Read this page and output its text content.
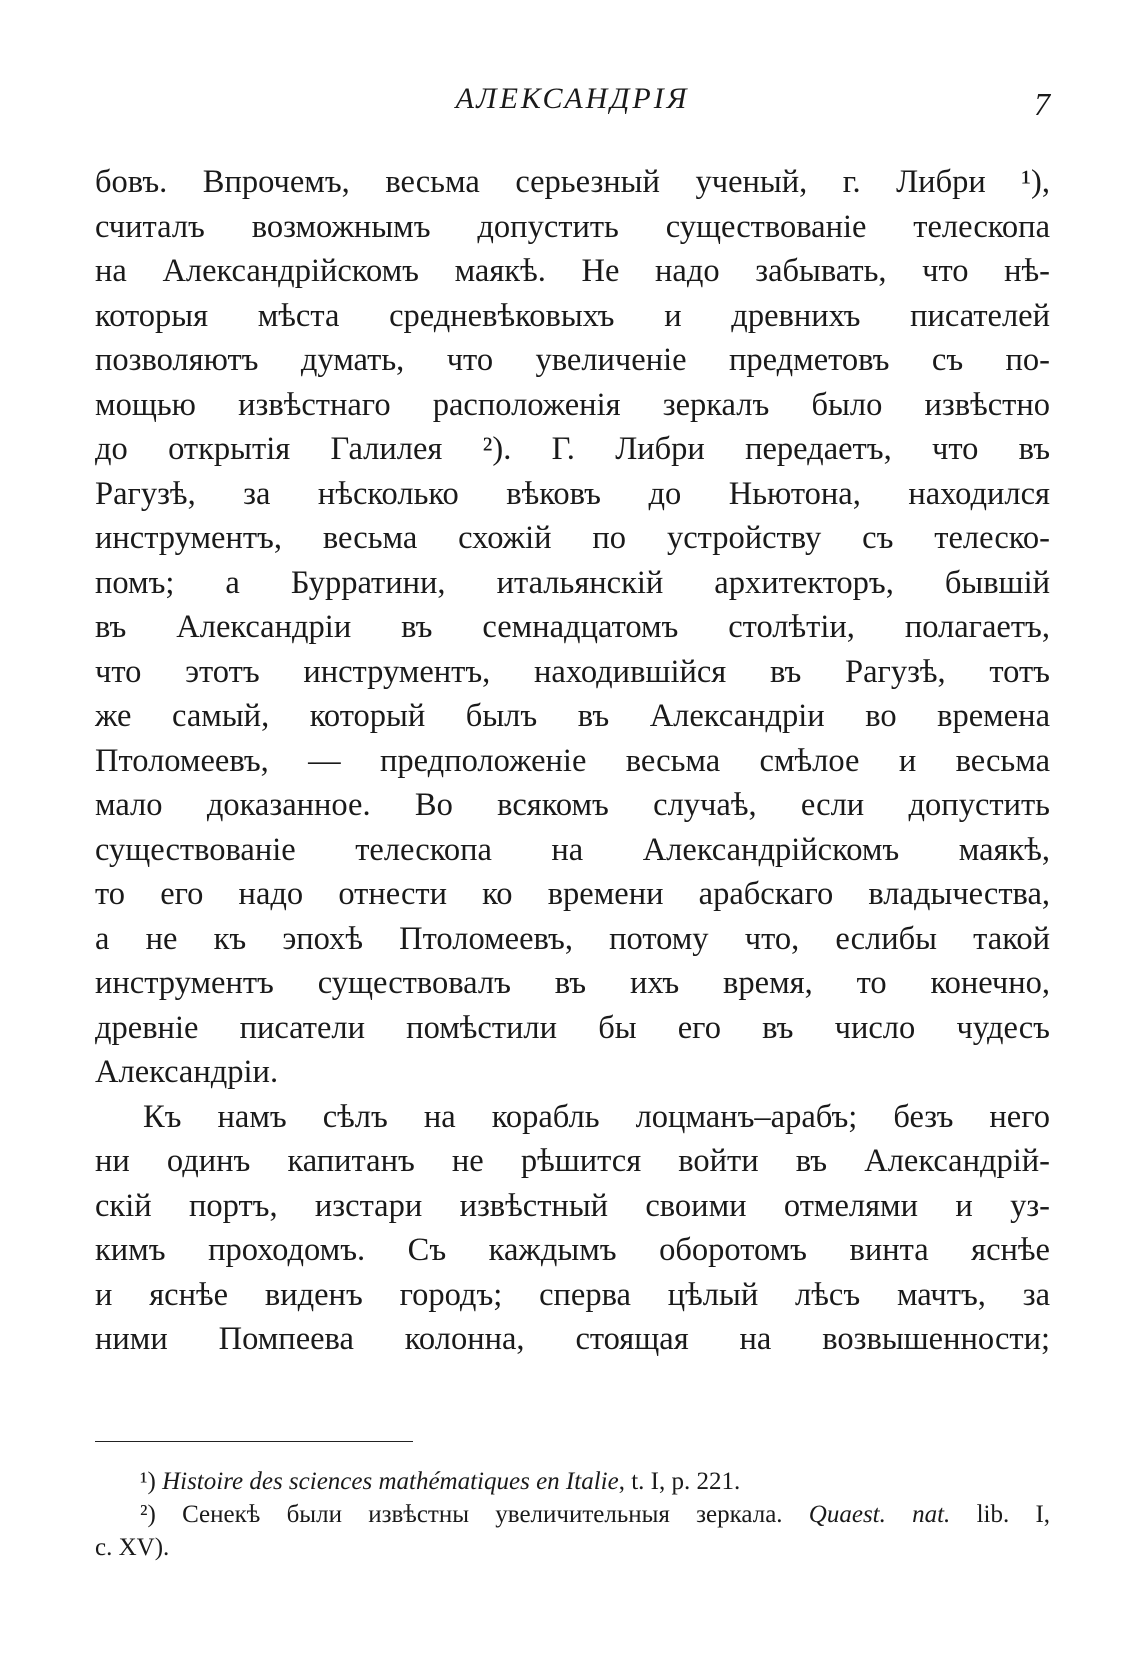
АЛЕКСАНДРІЯ	7
бовъ. Впрочемъ, весьма серьезный ученый, г. Либри ¹),
считалъ возможнымъ допустить существованіе телескопа
на Александрійскомъ маякѣ. Не надо забывать, что нѣ-
которыя мѣста средневѣковыхъ и древнихъ писателей
позволяютъ думать, что увеличеніе предметовъ съ по-
мощью извѣстнаго расположенія зеркалъ было извѣстно
до открытія Галилея ²). Г. Либри передаетъ, что въ
Рагузѣ, за нѣсколько вѣковъ до Ньютона, находился
инструментъ, весьма схожій по устройству съ телеско-
помъ; а Бурратини, итальянскій архитекторъ, бывшій
въ Александріи въ семнадцатомъ столѣтіи, полагаетъ,
что этотъ инструментъ, находившійся въ Рагузѣ, тотъ
же самый, который былъ въ Александріи во времена
Птоломеевъ, — предположеніе весьма смѣлое и весьма
мало доказанное. Во всякомъ случаѣ, если допустить
существованіе телескопа на Александрійскомъ маякѣ,
то его надо отнести ко времени арабскаго владычества,
а не къ эпохѣ Птоломеевъ, потому что, еслибы такой
инструментъ существовалъ въ ихъ время, то конечно,
древніе писатели помѣстили бы его въ число чудесъ
Александріи.
Къ намъ сѣлъ на корабль лоцманъ–арабъ; безъ него
ни одинъ капитанъ не рѣшится войти въ Александрій-
скій портъ, изстари извѣстный своими отмелями и уз-
кимъ проходомъ. Съ каждымъ оборотомъ винта яснѣе
и яснѣе виденъ городъ; сперва цѣлый лѣсъ мачтъ, за
ними Помпеева колонна, стоящая на возвышенности;
¹) Histoire des sciences mathématiques en Italie, t. I, p. 221.
²) Сенекѣ были извѣстны увеличительныя зеркала. Quaest. nat. lib. I,
c. XV).
